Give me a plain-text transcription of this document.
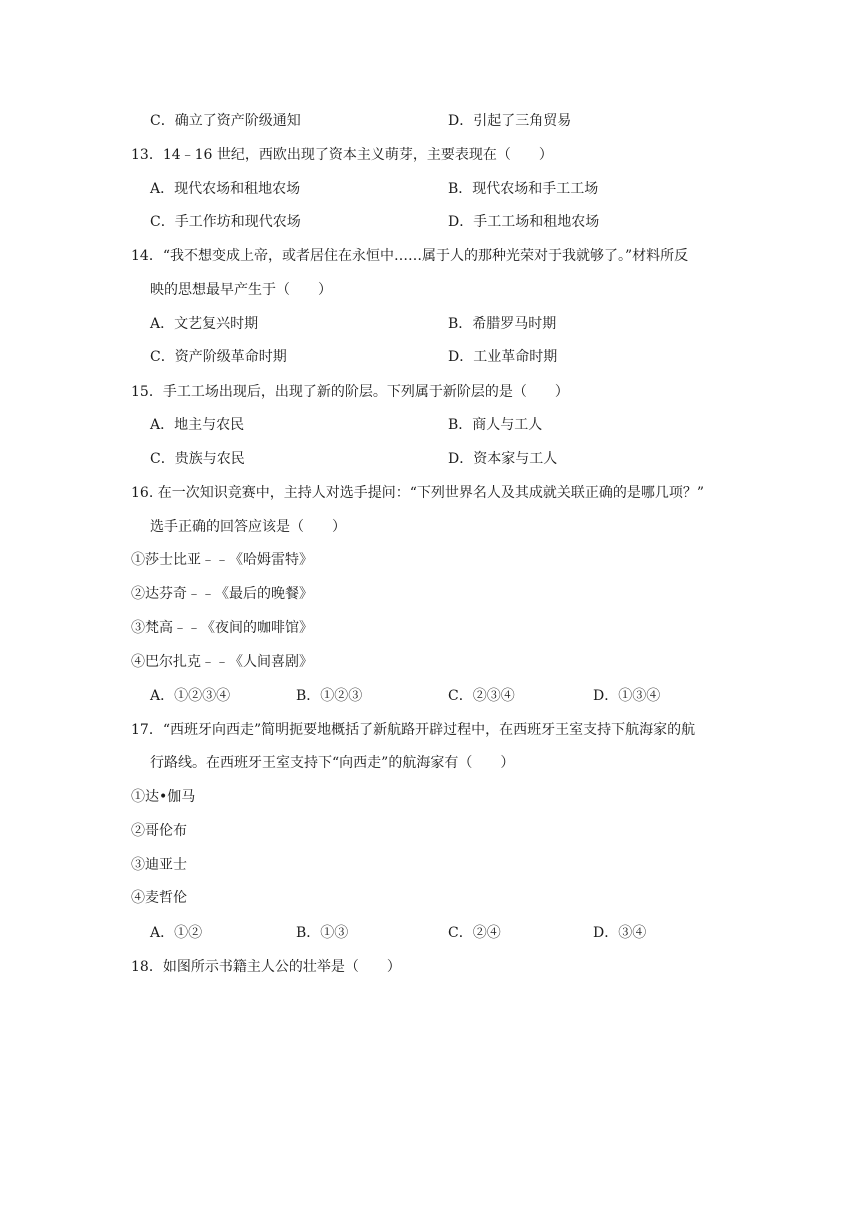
C．确立了资产阶级通知	D．引起了三角贸易
13．14﹣16 世纪，西欧出现了资本主义萌芽，主要表现在（　　）
A．现代农场和租地农场	B．现代农场和手工工场
C．手工作坊和现代农场	D．手工工场和租地农场
14．“我不想变成上帝，或者居住在永恒中……属于人的那种光荣对于我就够了。”材料所反
映的思想最早产生于（　　）
A．文艺复兴时期	B．希腊罗马时期
C．资产阶级革命时期	D．工业革命时期
15．手工工场出现后，出现了新的阶层。下列属于新阶层的是（　　）
A．地主与农民	B．商人与工人
C．贵族与农民	D．资本家与工人
16. 在一次知识竞赛中，主持人对选手提问：“下列世界名人及其成就关联正确的是哪几项？”
选手正确的回答应该是（　　）
①莎士比亚﹣﹣《哈姆雷特》
②达芬奇﹣﹣《最后的晚餐》
③梵高﹣﹣《夜间的咖啡馆》
④巴尔扎克﹣﹣《人间喜剧》
A．①②③④	B．①②③	C．②③④	D．①③④
17．“西班牙向西走”简明扼要地概括了新航路开辟过程中，在西班牙王室支持下航海家的航
行路线。在西班牙王室支持下“向西走”的航海家有（　　）
①达•伽马
②哥伦布
③迪亚士
④麦哲伦
A．①②	B．①③	C．②④	D．③④
18．如图所示书籍主人公的壮举是（　　）
